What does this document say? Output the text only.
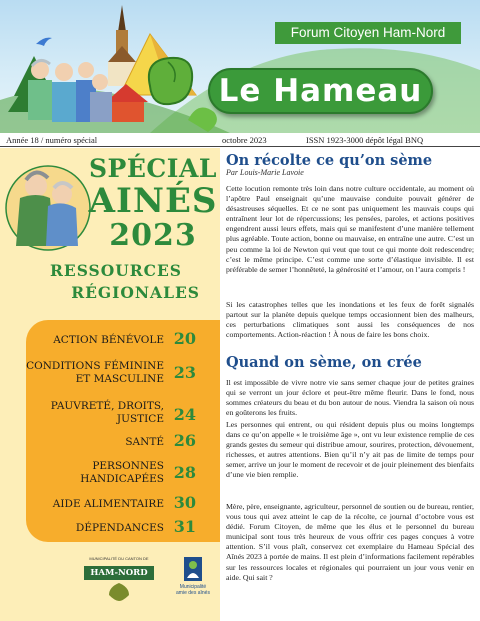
Forum Citoyen Ham-Nord
Le Hameau
Année 18 / numéro spécial	octobre 2023	ISSN 1923-3000 dépôt légal BNQ
SPÉCIAL
AINÉS
2023
RESSOURCES
RÉGIONALES
ACTION BÉNÉVOLE 20
CONDITIONS FÉMININE
ET MASCULINE 23
PAUVRETÉ, DROITS,
JUSTICE 24
SANTÉ 26
PERSONNES
HANDICAPÉES 28
AIDE ALIMENTAIRE 30
DÉPENDANCES 31
MUNICIPALITÉ DU CANTON DE
HAM-NORD
Municipalité
amie des aînés
On récolte ce qu’on sème
Par Louis-Marie Lavoie
Cette locution remonte très loin dans notre culture occidentale, au moment où l’apôtre Paul enseignait qu’une mauvaise conduite pouvait générer de désastreuses séquelles. Et ce ne sont pas uniquement les mauvais coups qui entraînent leur lot de répercussions; les pensées, paroles, et actions positives engendrent aussi leurs effets, mais qui se manifestent d’une manière tellement plus agréable. Toute action, bonne ou mauvaise, en entraîne une autre. C’est un peu comme la loi de Newton qui veut que tout ce qui monte doit redescendre; c’est le même principe. C’est comme une sorte d’élastique invisible. Il est préférable de semer l’honnêteté, la générosité et l’amour, on l’aura compris !
Si les catastrophes telles que les inondations et les feux de forêt signalés partout sur la planète depuis quelque temps occasionnent bien des malheurs, ces perturbations climatiques sont aussi les conséquences de nos comportements. Action-réaction ! À nous de faire les bons choix.
Quand on sème, on crée
Il est impossible de vivre notre vie sans semer chaque jour de petites graines qui se verront un jour éclore et peut-être même fleurir. Dans le fond, nous sommes créateurs du beau et du bon autour de nous. Viendra la saison où nous en goûterons les fruits.
Les personnes qui entrent, ou qui résident depuis plus ou moins longtemps dans ce qu’on appelle « le troisième âge », ont vu leur existence remplie de ces grands gestes du semeur qui distribue amour, sourires, protection, dévouement, richesses, et autres attentions. Bien qu’il n’y ait pas de limite de temps pour semer, arrive un jour le moment de recevoir et de jouir pleinement des bienfaits d’une vie bien remplie.
Mère, père, enseignante, agriculteur, personnel de soutien ou de bureau, rentier, vous tous qui avez atteint le cap de la récolte, ce journal d’octobre vous est dédié. Forum Citoyen, de même que les élus et le personnel du bureau municipal sont tous très heureux de vous offrir ces pages conçues à votre attention. S’il vous plaît, conservez cet exemplaire du Hameau Spécial des Aînés 2023 à portée de mains. Il est plein d’informations facilement repérables sur les ressources locales et régionales qui pourraient un jour vous venir en aide. Qui sait ?
